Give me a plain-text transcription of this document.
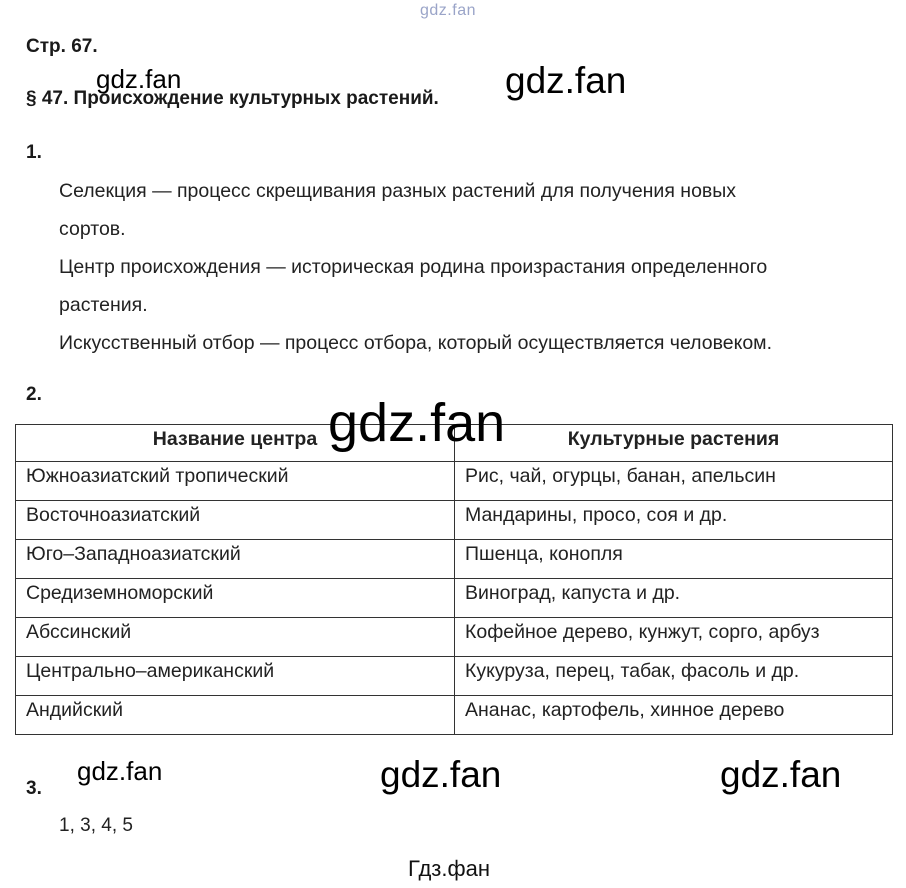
gdz.fan
Стр. 67.
gdz.fan
§ 47. Происхождение культурных растений. gdz.fan
1.
Селекция — процесс скрещивания разных растений для получения новых
сортов.
Центр происхождения — историческая родина произрастания определенного
растения.
Искусственный отбор — процесс отбора, который осуществляется человеком.
2.
Название центра	Культурные растения
Южноазиатский тропический	Рис, чай, огурцы, банан, апельсин
Восточноазиатский	Мандарины, просо, соя и др.
Юго–Западноазиатский	Пшенца, конопля
Средиземноморский	Виноград, капуста и др.
Абссинский	Кофейное дерево, кунжут, сорго, арбуз
Центрально–американский	Кукуруза, перец, табак, фасоль и др.
Андийский	Ананас, картофель, хинное дерево
gdz.fan
gdz.fan	gdz.fan	gdz.fan
3.
1, 3, 4, 5
Гдз.фан
